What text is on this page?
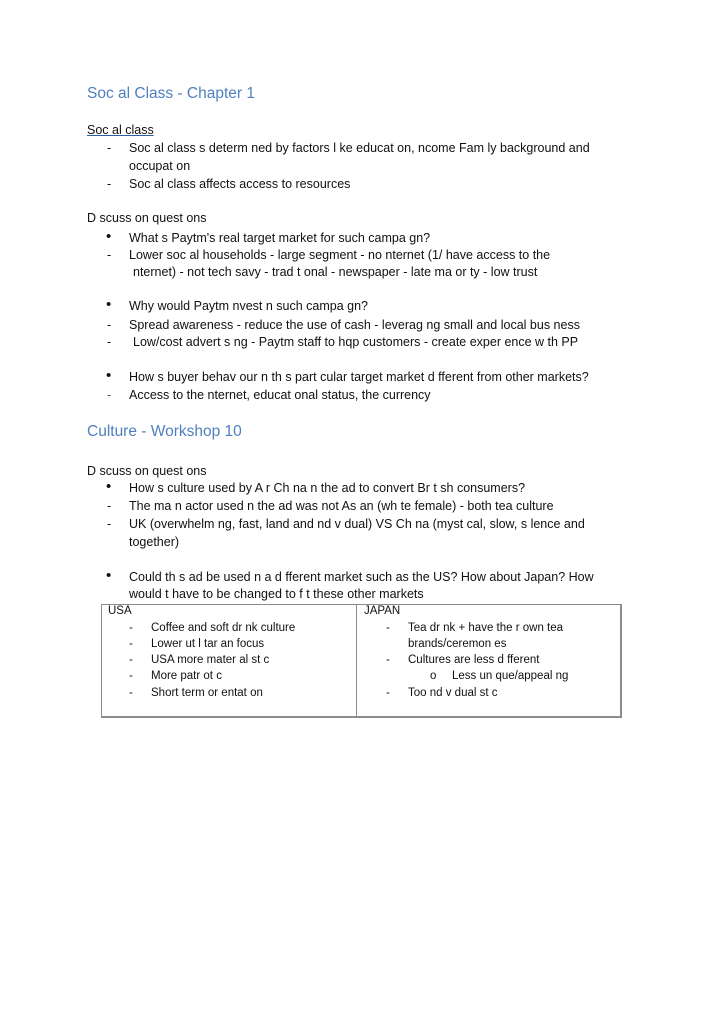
Soc al Class - Chapter 1
Soc al class
- Soc al class s determ ned by factors l ke educat on, ncome Fam ly background and
occupat on
- Soc al class affects access to resources
D scuss on quest ons
• What s Paytm's real target market for such campa gn?
- Lower soc al households - large segment - no nternet (1/ have access to the
nternet) - not tech savy - trad t onal - newspaper - late ma or ty - low trust
• Why would Paytm nvest n such campa gn?
- Spread awareness - reduce the use of cash - leverag ng small and local bus ness
- Low/cost advert s ng - Paytm staff to hqp customers - create exper ence w th PP
• How s buyer behav our n th s part cular target market d fferent from other markets?
- Access to the nternet, educat onal status, the currency
Culture - Workshop 10
D scuss on quest ons
• How s culture used by A r Ch na n the ad to convert Br t sh consumers?
- The ma n actor used n the ad was not As an (wh te female) - both tea culture
- UK (overwhelm ng, fast, land and nd v dual) VS Ch na (myst cal, slow, s lence and
together)
• Could th s ad be used n a d fferent market such as the US? How about Japan? How
would t have to be changed to f t these other markets
USA	JAPAN
- Coffee and soft dr nk culture
- Lower ut l tar an focus
- USA more mater al st c
- More patr ot c
- Short term or entat on
- Tea dr nk + have the r own tea
brands/ceremon es
- Cultures are less d fferent
o Less un que/appeal ng
- Too nd v dual st c
